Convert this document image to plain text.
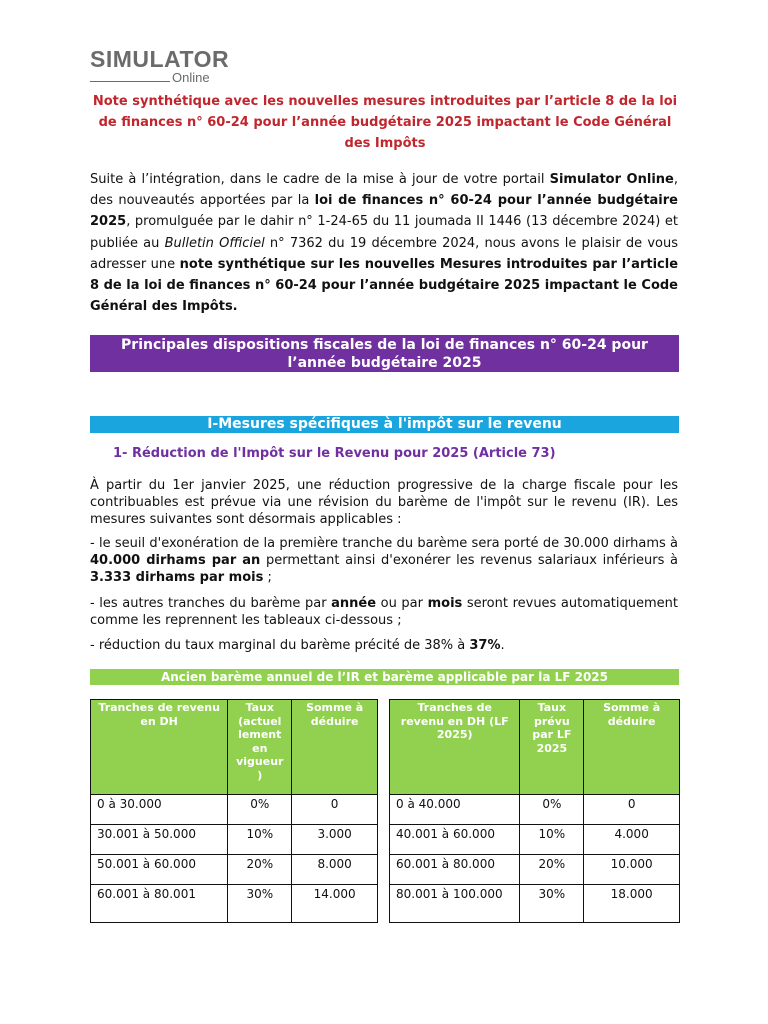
SIMULATOR
Online
Note synthétique avec les nouvelles mesures introduites par l’article 8 de la loi de finances n° 60-24 pour l’année budgétaire 2025 impactant le Code Général des Impôts

Suite à l’intégration, dans le cadre de la mise à jour de votre portail Simulator Online, des nouveautés apportées par la loi de finances n° 60-24 pour l’année budgétaire 2025, promulguée par le dahir n° 1-24-65 du 11 joumada II 1446 (13 décembre 2024) et publiée au Bulletin Officiel n° 7362 du 19 décembre 2024, nous avons le plaisir de vous adresser une note synthétique sur les nouvelles Mesures introduites par l’article 8 de la loi de finances n° 60-24 pour l’année budgétaire 2025 impactant le Code Général des Impôts.

Principales dispositions fiscales de la loi de finances n° 60-24 pour l’année budgétaire 2025
I-Mesures spécifiques à l'impôt sur le revenu
1- Réduction de l'Impôt sur le Revenu pour 2025 (Article 73)

À partir du 1er janvier 2025, une réduction progressive de la charge fiscale pour les contribuables est prévue via une révision du barème de l'impôt sur le revenu (IR). Les mesures suivantes sont désormais applicables :

- le seuil d'exonération de la première tranche du barème sera porté de 30.000 dirhams à 40.000 dirhams par an permettant ainsi d'exonérer les revenus salariaux inférieurs à 3.333 dirhams par mois ;

- les autres tranches du barème par année ou par mois seront revues automatiquement comme les reprennent les tableaux ci-dessous ;

- réduction du taux marginal du barème précité de 38% à 37%.

Ancien barème annuel de l’IR et barème applicable par la LF 2025
Tranches de revenu en DH	Taux (actuel lement en vigueur )	Somme à déduire
0 à 30.000	0%	0
30.001 à 50.000	10%	3.000
50.001 à 60.000	20%	8.000
60.001 à 80.001	30%	14.000
Tranches de revenu en DH (LF 2025)	Taux prévu par LF 2025	Somme à déduire
0 à 40.000	0%	0
40.001 à 60.000	10%	4.000
60.001 à 80.000	20%	10.000
80.001 à 100.000	30%	18.000
